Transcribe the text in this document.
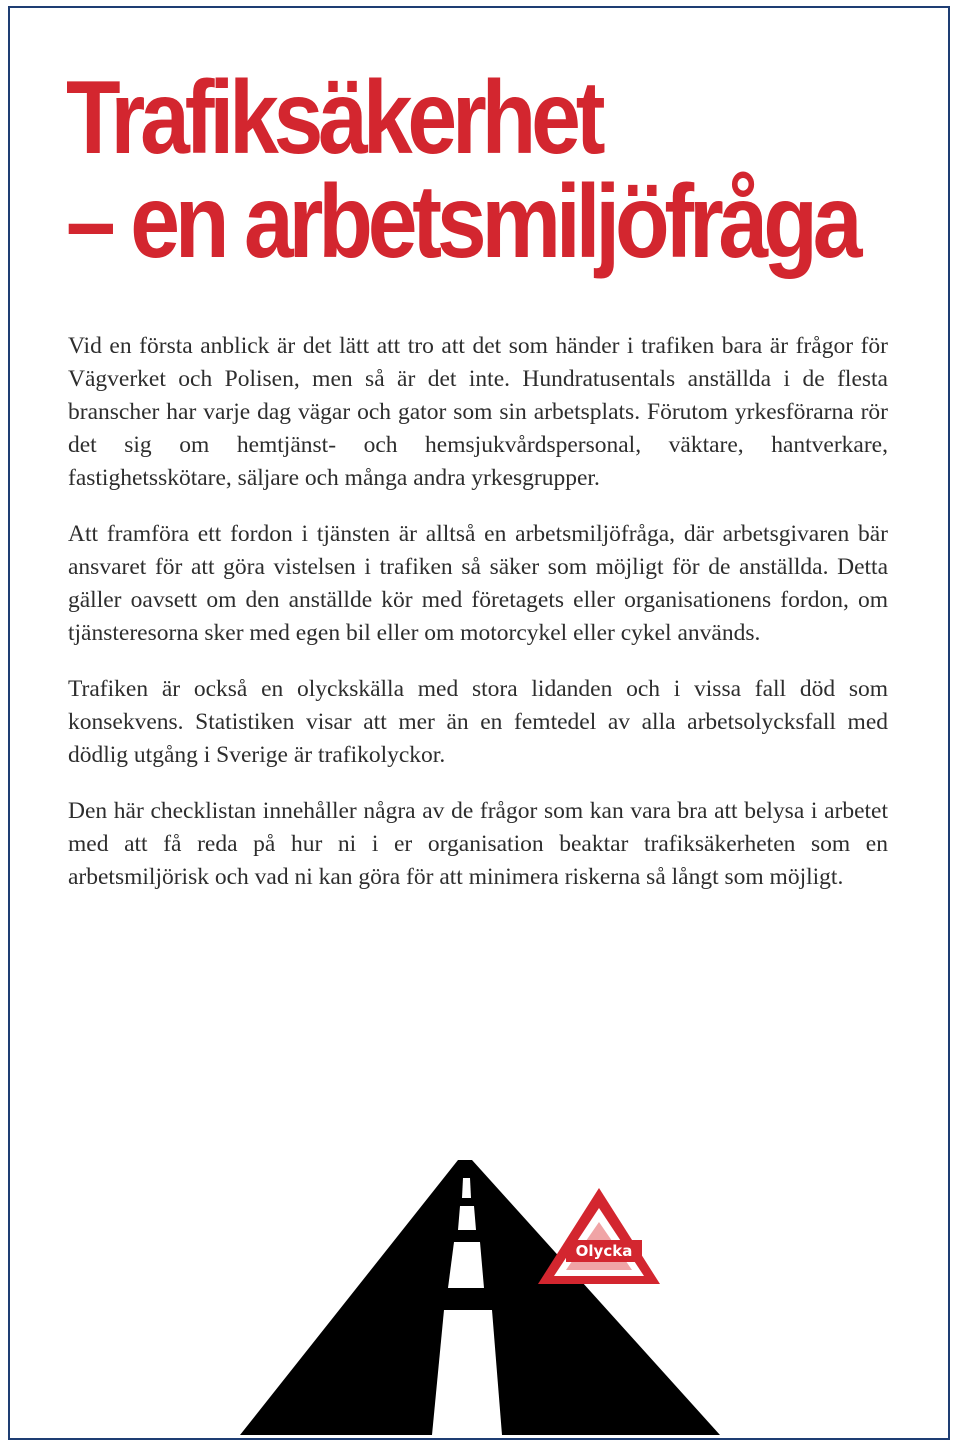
Trafiksäkerhet
– en arbetsmiljöfråga

Vid en första anblick är det lätt att tro att det som händer i trafiken bara är frågor för Vägverket och Polisen, men så är det inte. Hundratusentals anställda i de flesta branscher har varje dag vägar och gator som sin arbetsplats. Förutom yrkesförarna rör det sig om hemtjänst- och hemsjukvårdspersonal, väktare, hantverkare, fastighetsskötare, säljare och många andra yrkesgrupper.

Att framföra ett fordon i tjänsten är alltså en arbetsmiljöfråga, där arbetsgivaren bär ansvaret för att göra vistelsen i trafiken så säker som möjligt för de anställda. Detta gäller oavsett om den anställde kör med företagets eller organisationens fordon, om tjänsteresorna sker med egen bil eller om motorcykel eller cykel används.

Trafiken är också en olyckskälla med stora lidanden och i vissa fall död som konsekvens. Statistiken visar att mer än en femtedel av alla arbetsolycksfall med dödlig utgång i Sverige är trafikolyckor.

Den här checklistan innehåller några av de frågor som kan vara bra att belysa i arbetet med att få reda på hur ni i er organisation beaktar trafiksäkerheten som en arbetsmiljörisk och vad ni kan göra för att minimera riskerna så långt som möjligt.

Olycka
